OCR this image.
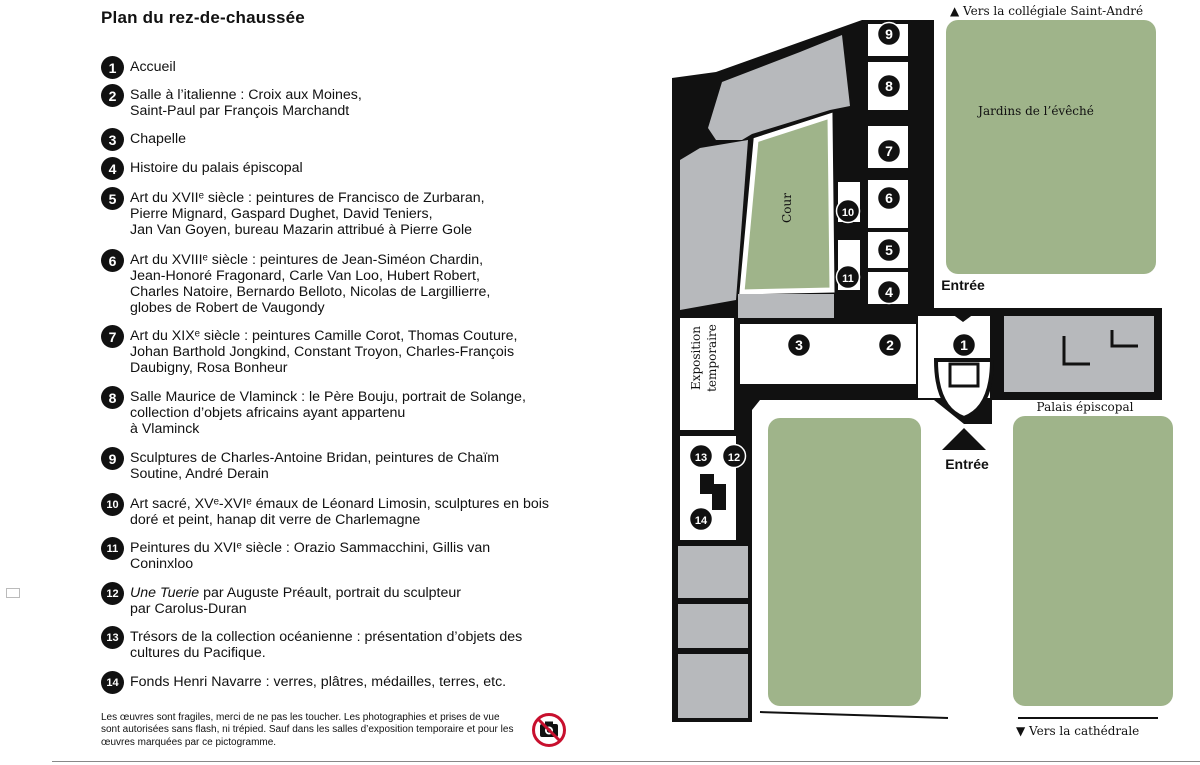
Plan du rez-de-chaussée
1 Accueil
2 Salle à l’italienne : Croix aux Moines,
Saint-Paul par François Marchandt
3 Chapelle
4 Histoire du palais épiscopal
5 Art du XVIIᵉ siècle : peintures de Francisco de Zurbaran,
Pierre Mignard, Gaspard Dughet, David Teniers,
Jan Van Goyen, bureau Mazarin attribué à Pierre Gole
6 Art du XVIIIᵉ siècle : peintures de Jean-Siméon Chardin,
Jean-Honoré Fragonard, Carle Van Loo, Hubert Robert,
Charles Natoire, Bernardo Belloto, Nicolas de Largillierre,
globes de Robert de Vaugondy
7 Art du XIXᵉ siècle : peintures Camille Corot, Thomas Couture,
Johan Barthold Jongkind, Constant Troyon, Charles-François
Daubigny, Rosa Bonheur
8 Salle Maurice de Vlaminck : le Père Bouju, portrait de Solange,
collection d’objets africains ayant appartenu
à Vlaminck
9 Sculptures de Charles-Antoine Bridan, peintures de Chaïm
Soutine, André Derain
10 Art sacré, XVᵉ-XVIᵉ émaux de Léonard Limosin, sculptures en bois
doré et peint, hanap dit verre de Charlemagne
11 Peintures du XVIᵉ siècle : Orazio Sammacchini, Gillis van
Coninxloo
12 Une Tuerie par Auguste Préault, portrait du sculpteur
par Carolus-Duran
13 Trésors de la collection océanienne : présentation d’objets des
cultures du Pacifique.
14 Fonds Henri Navarre : verres, plâtres, médailles, terres, etc.
Les œuvres sont fragiles, merci de ne pas les toucher. Les photographies et prises de vue sont autorisées sans flash, ni trépied. Sauf dans les salles d’exposition temporaire et pour les œuvres marquées par ce pictogramme.
▲ Vers la collégiale Saint-André
▼ Vers la cathédrale
Jardins de l’évêché
Cour
Exposition temporaire
Palais épiscopal
Entrée
Entrée
1
2
3
4
5
6
7
8
9
10
11
12
13
14
